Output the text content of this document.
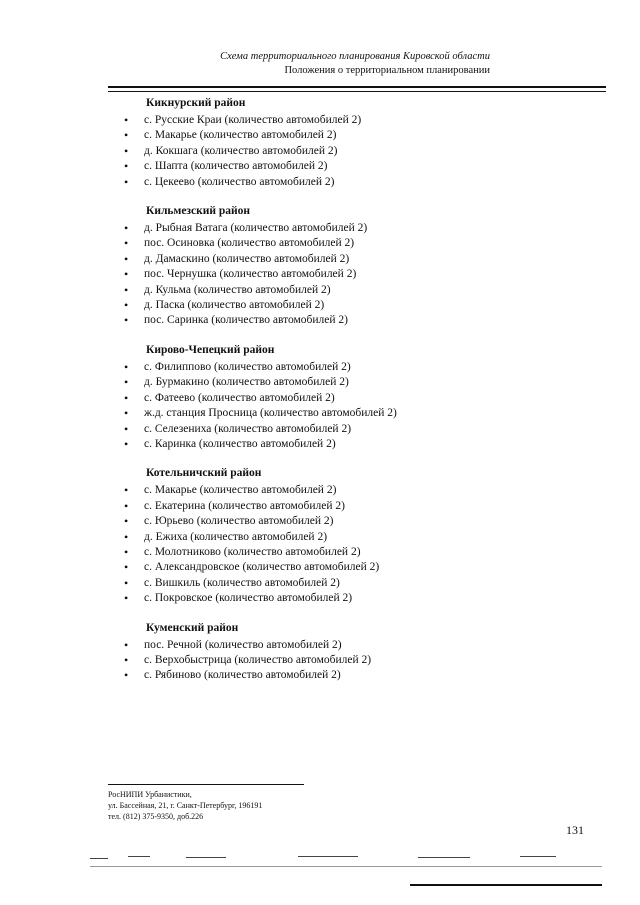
Схема территориального планирования Кировской области
Положения о территориальном планировании
Кикнурский район
• с. Русские Краи (количество автомобилей 2)
• с. Макарье (количество автомобилей 2)
• д. Кокшага (количество автомобилей 2)
• с. Шапта (количество автомобилей 2)
• с. Цекеево (количество автомобилей 2)
Кильмезский район
• д. Рыбная Ватага (количество автомобилей 2)
• пос. Осиновка (количество автомобилей 2)
• д. Дамаскино (количество автомобилей 2)
• пос. Чернушка (количество автомобилей 2)
• д. Кульма (количество автомобилей 2)
• д. Паска (количество автомобилей 2)
• пос. Саринка (количество автомобилей 2)
Кирово-Чепецкий район
• с. Филиппово (количество автомобилей 2)
• д. Бурмакино (количество автомобилей 2)
• с. Фатеево (количество автомобилей 2)
• ж.д. станция Просница (количество автомобилей 2)
• с. Селезениха (количество автомобилей 2)
• с. Каринка (количество автомобилей 2)
Котельничский район
• с. Макарье (количество автомобилей 2)
• с. Екатерина (количество автомобилей 2)
• с. Юрьево (количество автомобилей 2)
• д. Ежиха (количество автомобилей 2)
• с. Молотниково (количество автомобилей 2)
• с. Александровское (количество автомобилей 2)
• с. Вишкиль (количество автомобилей 2)
• с. Покровское (количество автомобилей 2)
Куменский район
• пос. Речной (количество автомобилей 2)
• с. Верхобыстрица (количество автомобилей 2)
• с. Рябиново (количество автомобилей 2)
РосНИПИ Урбанистики,
ул. Бассейная, 21, г. Санкт-Петербург, 196191
тел. (812) 375-9350, доб.226
131
